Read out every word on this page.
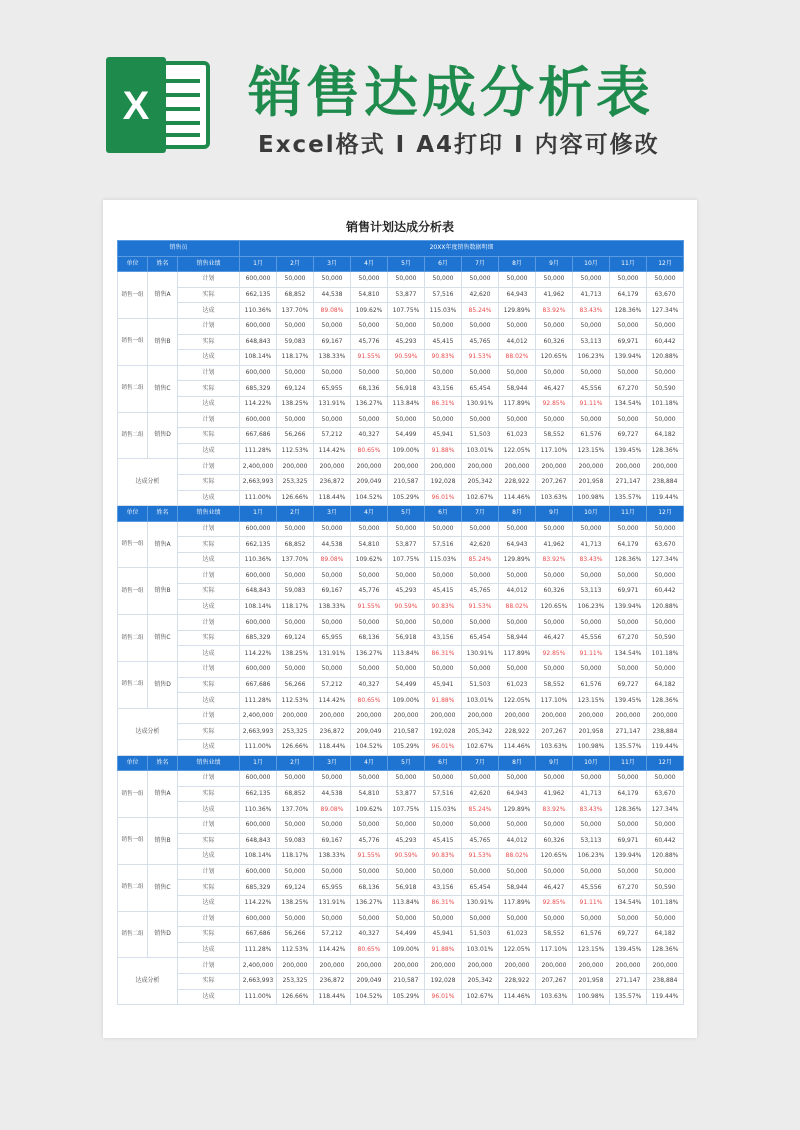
X 销售达成分析表
Excel格式 I A4打印 I 内容可修改
销售计划达成分析表
销售员			20XX年度销售数据明细												
单位	姓名	销售业绩	1月	2月	3月	4月	5月	6月	7月	8月	9月	10月	11月	12月	
销售一组	销售A	计划	600,000	50,000	50,000	50,000	50,000	50,000	50,000	50,000	50,000	50,000	50,000	50,000	
		实际	662,135	68,852	44,538	54,810	53,877	57,516	42,620	64,943	41,962	41,713	64,179	63,670	
		达成	110.36%	137.70%	89.08%	109.62%	107.75%	115.03%	85.24%	129.89%	83.92%	83.43%	128.36%	127.34%	
销售一组	销售B	计划	600,000	50,000	50,000	50,000	50,000	50,000	50,000	50,000	50,000	50,000	50,000	50,000	
		实际	648,843	59,083	69,167	45,776	45,293	45,415	45,765	44,012	60,326	53,113	69,971	60,442	
		达成	108.14%	118.17%	138.33%	91.55%	90.59%	90.83%	91.53%	88.02%	120.65%	106.23%	139.94%	120.88%	
销售二组	销售C	计划	600,000	50,000	50,000	50,000	50,000	50,000	50,000	50,000	50,000	50,000	50,000	50,000	
		实际	685,329	69,124	65,955	68,136	56,918	43,156	65,454	58,944	46,427	45,556	67,270	50,590	
		达成	114.22%	138.25%	131.91%	136.27%	113.84%	86.31%	130.91%	117.89%	92.85%	91.11%	134.54%	101.18%	
销售二组	销售D	计划	600,000	50,000	50,000	50,000	50,000	50,000	50,000	50,000	50,000	50,000	50,000	50,000	
		实际	667,686	56,266	57,212	40,327	54,499	45,941	51,503	61,023	58,552	61,576	69,727	64,182	
		达成	111.28%	112.53%	114.42%	80.65%	109.00%	91.88%	103.01%	122.05%	117.10%	123.15%	139.45%	128.36%	
达成分析		计划	2,400,000	200,000	200,000	200,000	200,000	200,000	200,000	200,000	200,000	200,000	200,000	200,000	
		实际	2,663,993	253,325	236,872	209,049	210,587	192,028	205,342	228,922	207,267	201,958	271,147	238,884	
		达成	111.00%	126.66%	118.44%	104.52%	105.29%	96.01%	102.67%	114.46%	103.63%	100.98%	135.57%	119.44%	
单位	姓名	销售业绩	1月	2月	3月	4月	5月	6月	7月	8月	9月	10月	11月	12月	
销售一组	销售A	计划	600,000	50,000	50,000	50,000	50,000	50,000	50,000	50,000	50,000	50,000	50,000	50,000	
		实际	662,135	68,852	44,538	54,810	53,877	57,516	42,620	64,943	41,962	41,713	64,179	63,670	
		达成	110.36%	137.70%	89.08%	109.62%	107.75%	115.03%	85.24%	129.89%	83.92%	83.43%	128.36%	127.34%	
销售一组	销售B	计划	600,000	50,000	50,000	50,000	50,000	50,000	50,000	50,000	50,000	50,000	50,000	50,000	
		实际	648,843	59,083	69,167	45,776	45,293	45,415	45,765	44,012	60,326	53,113	69,971	60,442	
		达成	108.14%	118.17%	138.33%	91.55%	90.59%	90.83%	91.53%	88.02%	120.65%	106.23%	139.94%	120.88%	
销售二组	销售C	计划	600,000	50,000	50,000	50,000	50,000	50,000	50,000	50,000	50,000	50,000	50,000	50,000	
		实际	685,329	69,124	65,955	68,136	56,918	43,156	65,454	58,944	46,427	45,556	67,270	50,590	
		达成	114.22%	138.25%	131.91%	136.27%	113.84%	86.31%	130.91%	117.89%	92.85%	91.11%	134.54%	101.18%	
销售二组	销售D	计划	600,000	50,000	50,000	50,000	50,000	50,000	50,000	50,000	50,000	50,000	50,000	50,000	
		实际	667,686	56,266	57,212	40,327	54,499	45,941	51,503	61,023	58,552	61,576	69,727	64,182	
		达成	111.28%	112.53%	114.42%	80.65%	109.00%	91.88%	103.01%	122.05%	117.10%	123.15%	139.45%	128.36%	
达成分析		计划	2,400,000	200,000	200,000	200,000	200,000	200,000	200,000	200,000	200,000	200,000	200,000	200,000	
		实际	2,663,993	253,325	236,872	209,049	210,587	192,028	205,342	228,922	207,267	201,958	271,147	238,884	
		达成	111.00%	126.66%	118.44%	104.52%	105.29%	96.01%	102.67%	114.46%	103.63%	100.98%	135.57%	119.44%	
单位	姓名	销售业绩	1月	2月	3月	4月	5月	6月	7月	8月	9月	10月	11月	12月	
销售一组	销售A	计划	600,000	50,000	50,000	50,000	50,000	50,000	50,000	50,000	50,000	50,000	50,000	50,000	
		实际	662,135	68,852	44,538	54,810	53,877	57,516	42,620	64,943	41,962	41,713	64,179	63,670	
		达成	110.36%	137.70%	89.08%	109.62%	107.75%	115.03%	85.24%	129.89%	83.92%	83.43%	128.36%	127.34%	
销售一组	销售B	计划	600,000	50,000	50,000	50,000	50,000	50,000	50,000	50,000	50,000	50,000	50,000	50,000	
		实际	648,843	59,083	69,167	45,776	45,293	45,415	45,765	44,012	60,326	53,113	69,971	60,442	
		达成	108.14%	118.17%	138.33%	91.55%	90.59%	90.83%	91.53%	88.02%	120.65%	106.23%	139.94%	120.88%	
销售二组	销售C	计划	600,000	50,000	50,000	50,000	50,000	50,000	50,000	50,000	50,000	50,000	50,000	50,000	
		实际	685,329	69,124	65,955	68,136	56,918	43,156	65,454	58,944	46,427	45,556	67,270	50,590	
		达成	114.22%	138.25%	131.91%	136.27%	113.84%	86.31%	130.91%	117.89%	92.85%	91.11%	134.54%	101.18%	
销售二组	销售D	计划	600,000	50,000	50,000	50,000	50,000	50,000	50,000	50,000	50,000	50,000	50,000	50,000	
		实际	667,686	56,266	57,212	40,327	54,499	45,941	51,503	61,023	58,552	61,576	69,727	64,182	
		达成	111.28%	112.53%	114.42%	80.65%	109.00%	91.88%	103.01%	122.05%	117.10%	123.15%	139.45%	128.36%	
达成分析		计划	2,400,000	200,000	200,000	200,000	200,000	200,000	200,000	200,000	200,000	200,000	200,000	200,000	
		实际	2,663,993	253,325	236,872	209,049	210,587	192,028	205,342	228,922	207,267	201,958	271,147	238,884	
		达成	111.00%	126.66%	118.44%	104.52%	105.29%	96.01%	102.67%	114.46%	103.63%	100.98%	135.57%	119.44%	
